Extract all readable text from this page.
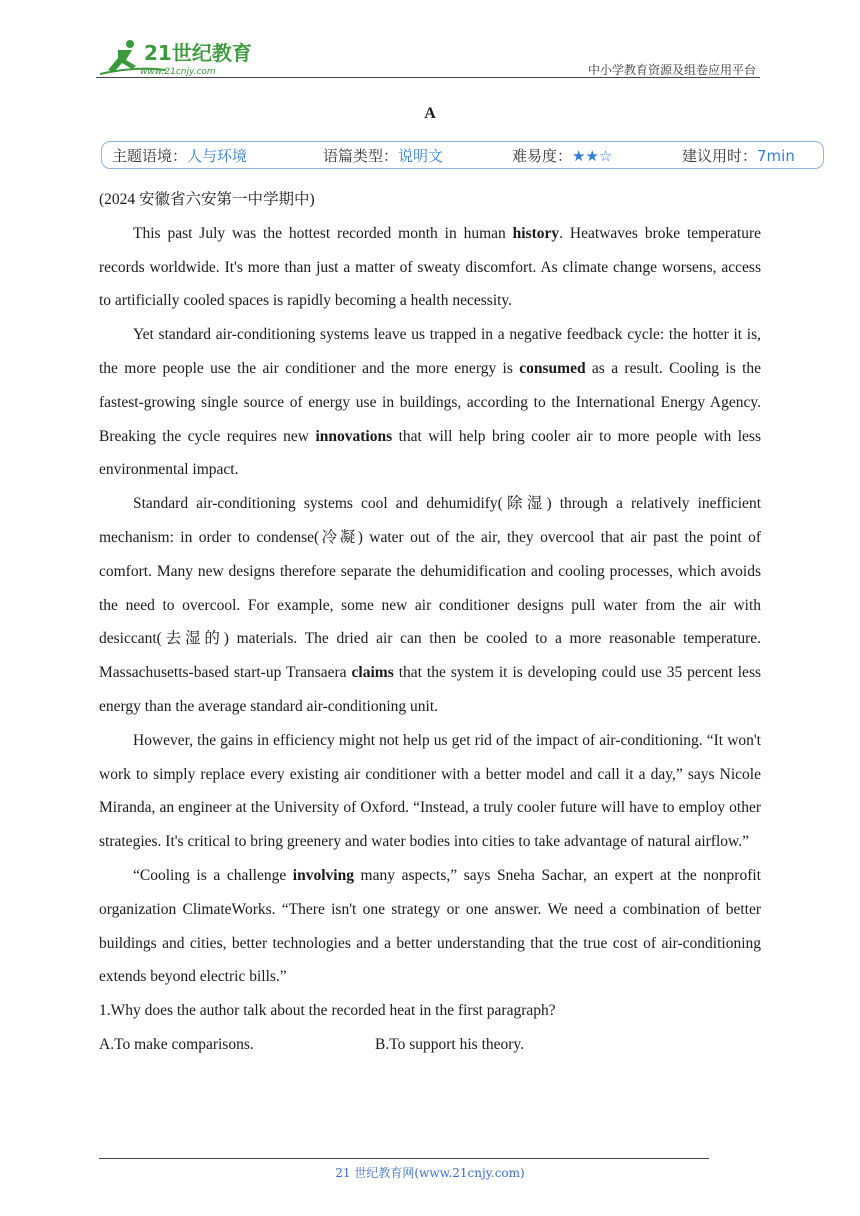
21世纪教育
www.21cnjy.com	中小学教育资源及组卷应用平台
A
主题语境：人与环境	语篇类型：说明文	难易度：★★☆	建议用时：7min

(2024 安徽省六安第一中学期中)

This past July was the hottest recorded month in human history. Heatwaves broke temperature records worldwide. It's more than just a matter of sweaty discomfort. As climate change worsens, access to artificially cooled spaces is rapidly becoming a health necessity.

Yet standard air-conditioning systems leave us trapped in a negative feedback cycle: the hotter it is, the more people use the air conditioner and the more energy is consumed as a result. Cooling is the fastest-growing single source of energy use in buildings, according to the International Energy Agency. Breaking the cycle requires new innovations that will help bring cooler air to more people with less environmental impact.

Standard air-conditioning systems cool and dehumidify(除湿) through a relatively inefficient mechanism: in order to condense(冷凝) water out of the air, they overcool that air past the point of comfort. Many new designs therefore separate the dehumidification and cooling processes, which avoids the need to overcool. For example, some new air conditioner designs pull water from the air with desiccant(去湿的) materials. The dried air can then be cooled to a more reasonable temperature. Massachusetts-based start-up Transaera claims that the system it is developing could use 35 percent less energy than the average standard air-conditioning unit.

However, the gains in efficiency might not help us get rid of the impact of air-conditioning. “It won't work to simply replace every existing air conditioner with a better model and call it a day,” says Nicole Miranda, an engineer at the University of Oxford. “Instead, a truly cooler future will have to employ other strategies. It's critical to bring greenery and water bodies into cities to take advantage of natural airflow.”

“Cooling is a challenge involving many aspects,” says Sneha Sachar, an expert at the nonprofit organization ClimateWorks. “There isn't one strategy or one answer. We need a combination of better buildings and cities, better technologies and a better understanding that the true cost of air-conditioning extends beyond electric bills.”

1.Why does the author talk about the recorded heat in the first paragraph?

A.To make comparisons.	B.To support his theory.

21 世纪教育网(www.21cnjy.com)
